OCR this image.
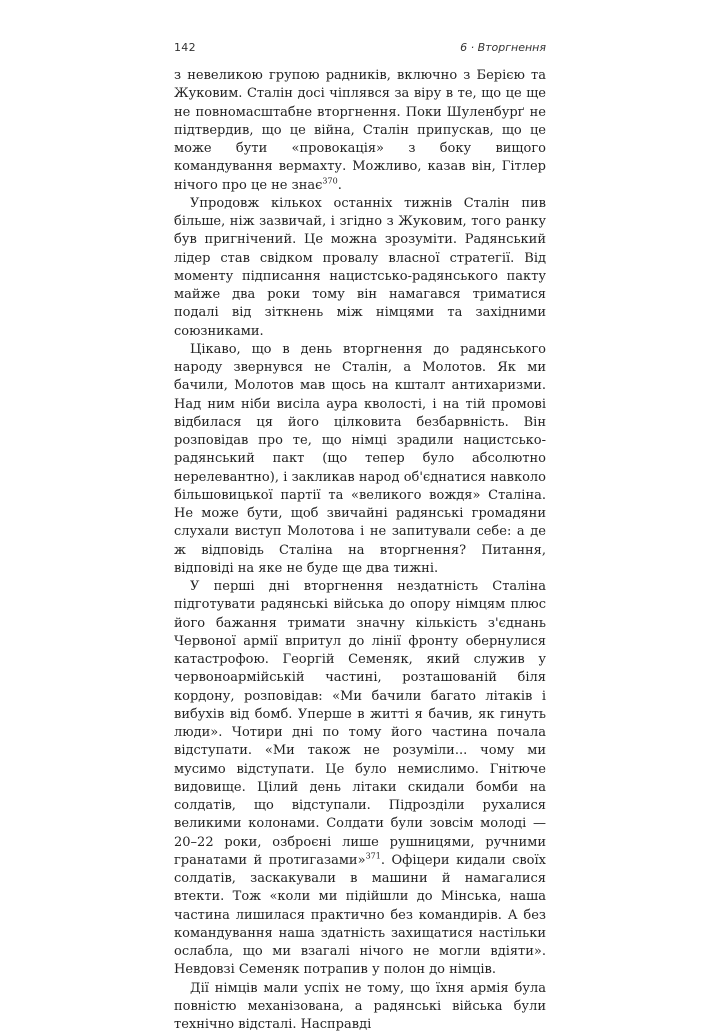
142	6 · Вторгнення

з невеликою групою радників, включно з Берією та Жуковим. Сталін досі чіплявся за віру в те, що це ще не повномасштабне вторгнення. Поки Шуленбурґ не підтвердив, що це війна, Сталін припускав, що це може бути «провокація» з боку вищого командування вермахту. Можливо, казав він, Гітлер нічого про це не знає$^{370}$.

Упродовж кількох останніх тижнів Сталін пив більше, ніж зазвичай, і згідно з Жуковим, того ранку був пригнічений. Це можна зрозуміти. Радянський лідер став свідком провалу власної стратегії. Від моменту підписання нацистсько-радянського пакту майже два роки тому він намагався триматися подалі від зіткнень між німцями та західними союзниками.

Цікаво, що в день вторгнення до радянського народу звернувся не Сталін, а Молотов. Як ми бачили, Молотов мав щось на кшталт антихаризми. Над ним ніби висіла аура кволості, і на тій промові відбилася ця його цілковита безбарвність. Він розповідав про те, що німці зрадили нацистсько-радянський пакт (що тепер було абсолютно нерелевантно), і закликав народ об'єднатися навколо більшовицької партії та «великого вождя» Сталіна. Не може бути, щоб звичайні радянські громадяни слухали виступ Молотова і не запитували себе: а де ж відповідь Сталіна на вторгнення? Питання, відповіді на яке не буде ще два тижні.

У перші дні вторгнення нездатність Сталіна підготувати радянські війська до опору німцям плюс його бажання тримати значну кількість з'єднань Червоної армії впритул до лінії фронту обернулися катастрофою. Георгій Семеняк, який служив у червоноармійській частині, розташованій біля кордону, розповідав: «Ми бачили багато літаків і вибухів від бомб. Уперше в житті я бачив, як гинуть люди». Чотири дні по тому його частина почала відступати. «Ми також не розуміли... чому ми мусимо відступати. Це було немислимо. Гнітюче видовище. Цілий день літаки скидали бомби на солдатів, що відступали. Підрозділи рухалися великими колонами. Солдати були зовсім молоді — 20–22 роки, озброєні лише рушницями, ручними гранатами й протигазами»$^{371}$. Офіцери кидали своїх солдатів, заскакували в машини й намагалися втекти. Тож «коли ми підійшли до Мінська, наша частина лишилася практично без командирів. А без командування наша здатність захищатися настільки ослабла, що ми взагалі нічого не могли вдіяти». Невдовзі Семеняк потрапив у полон до німців.

Дії німців мали успіх не тому, що їхня армія була повністю механізована, а радянські війська були технічно відсталі. Насправді
